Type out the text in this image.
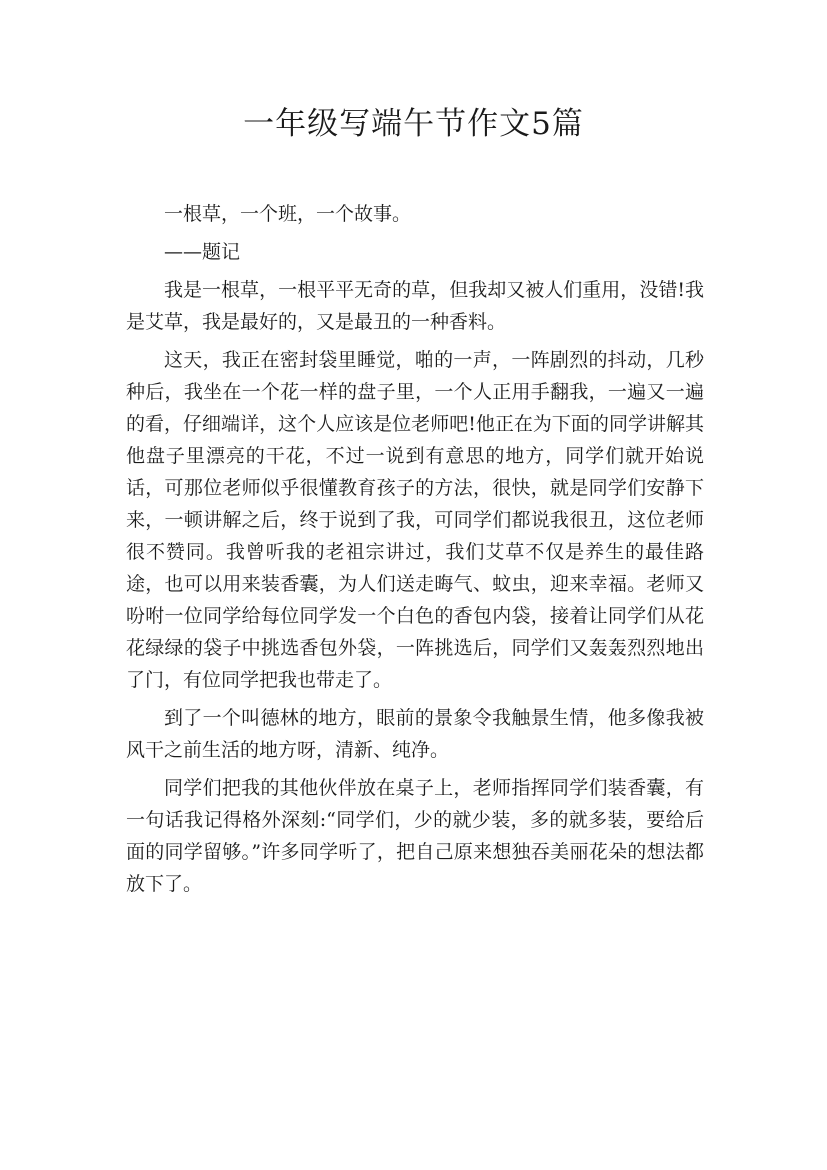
一年级写端午节作文5篇

一根草，一个班，一个故事。

——题记

我是一根草，一根平平无奇的草，但我却又被人们重用，没错!我是艾草，我是最好的，又是最丑的一种香料。

这天，我正在密封袋里睡觉，啪的一声，一阵剧烈的抖动，几秒种后，我坐在一个花一样的盘子里，一个人正用手翻我，一遍又一遍的看，仔细端详，这个人应该是位老师吧!他正在为下面的同学讲解其他盘子里漂亮的干花，不过一说到有意思的地方，同学们就开始说话，可那位老师似乎很懂教育孩子的方法，很快，就是同学们安静下来，一顿讲解之后，终于说到了我，可同学们都说我很丑，这位老师很不赞同。我曾听我的老祖宗讲过，我们艾草不仅是养生的最佳路途，也可以用来装香囊，为人们送走晦气、蚊虫，迎来幸福。老师又吩咐一位同学给每位同学发一个白色的香包内袋，接着让同学们从花花绿绿的袋子中挑选香包外袋，一阵挑选后，同学们又轰轰烈烈地出了门，有位同学把我也带走了。

到了一个叫德林的地方，眼前的景象令我触景生情，他多像我被风干之前生活的地方呀，清新、纯净。

同学们把我的其他伙伴放在桌子上，老师指挥同学们装香囊，有一句话我记得格外深刻:“同学们，少的就少装，多的就多装，要给后面的同学留够。”许多同学听了，把自己原来想独吞美丽花朵的想法都放下了。
